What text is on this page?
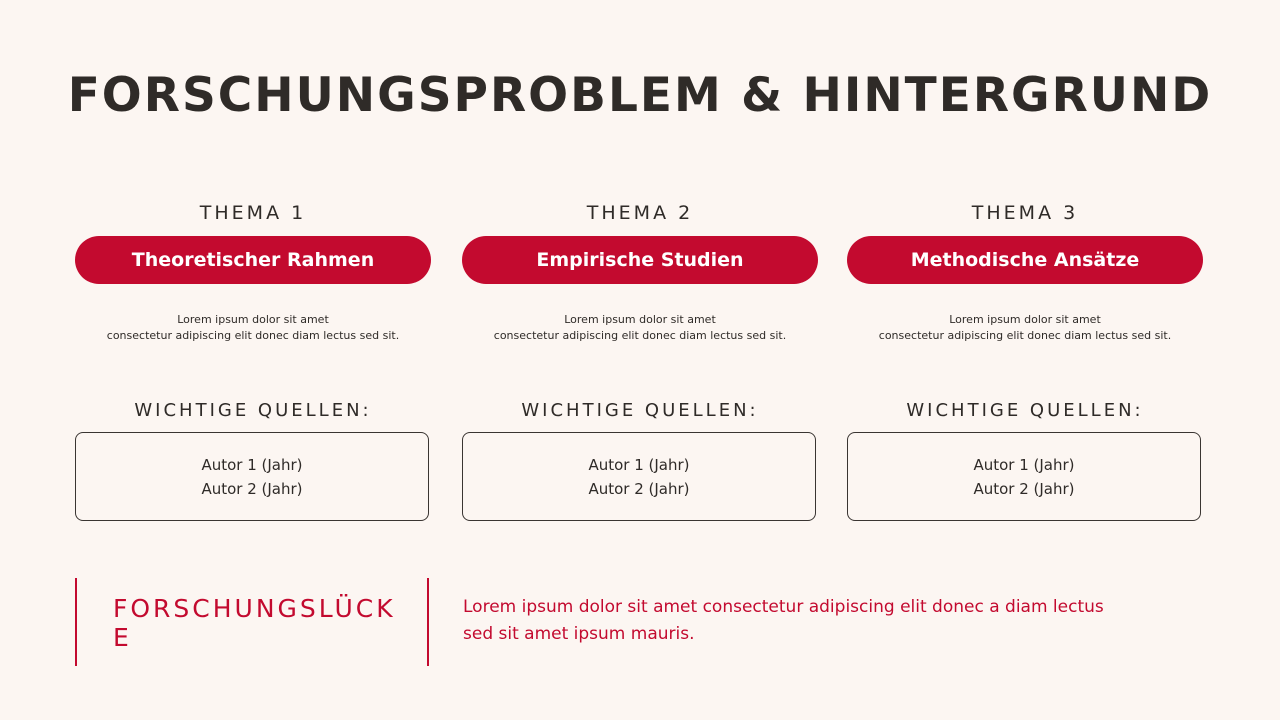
FORSCHUNGSPROBLEM & HINTERGRUND
THEMA 1
Theoretischer Rahmen
Lorem ipsum dolor sit amet
consectetur adipiscing elit donec diam lectus sed sit.
WICHTIGE QUELLEN:
Autor 1 (Jahr)
Autor 2 (Jahr)
THEMA 2
Empirische Studien
Lorem ipsum dolor sit amet
consectetur adipiscing elit donec diam lectus sed sit.
WICHTIGE QUELLEN:
Autor 1 (Jahr)
Autor 2 (Jahr)
THEMA 3
Methodische Ansätze
Lorem ipsum dolor sit amet
consectetur adipiscing elit donec diam lectus sed sit.
WICHTIGE QUELLEN:
Autor 1 (Jahr)
Autor 2 (Jahr)
FORSCHUNGSLÜCKE
Lorem ipsum dolor sit amet consectetur adipiscing elit donec a diam lectus sed sit amet ipsum mauris.
